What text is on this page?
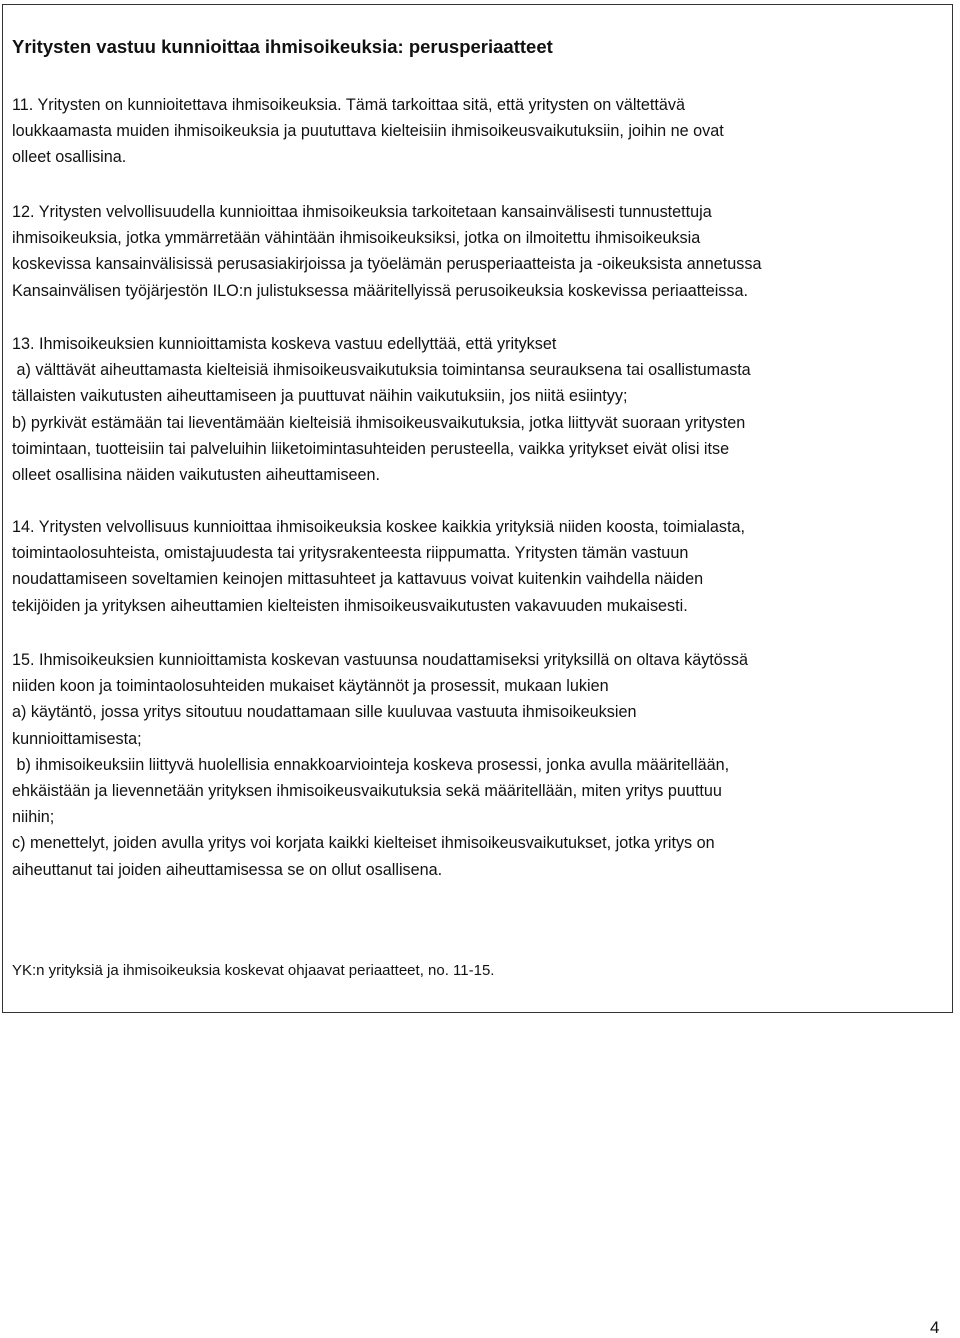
Yritysten vastuu kunnioittaa ihmisoikeuksia: perusperiaatteet

11. Yritysten on kunnioitettava ihmisoikeuksia. Tämä tarkoittaa sitä, että yritysten on vältettävä
loukkaamasta muiden ihmisoikeuksia ja puututtava kielteisiin ihmisoikeusvaikutuksiin, joihin ne ovat
olleet osallisina.

12. Yritysten velvollisuudella kunnioittaa ihmisoikeuksia tarkoitetaan kansainvälisesti tunnustettuja
ihmisoikeuksia, jotka ymmärretään vähintään ihmisoikeuksiksi, jotka on ilmoitettu ihmisoikeuksia
koskevissa kansainvälisissä perusasiakirjoissa ja työelämän perusperiaatteista ja -oikeuksista annetussa
Kansainvälisen työjärjestön ILO:n julistuksessa määritellyissä perusoikeuksia koskevissa periaatteissa.

13. Ihmisoikeuksien kunnioittamista koskeva vastuu edellyttää, että yritykset
a) välttävät aiheuttamasta kielteisiä ihmisoikeusvaikutuksia toimintansa seurauksena tai osallistumasta
tällaisten vaikutusten aiheuttamiseen ja puuttuvat näihin vaikutuksiin, jos niitä esiintyy;
b) pyrkivät estämään tai lieventämään kielteisiä ihmisoikeusvaikutuksia, jotka liittyvät suoraan yritysten
toimintaan, tuotteisiin tai palveluihin liiketoimintasuhteiden perusteella, vaikka yritykset eivät olisi itse
olleet osallisina näiden vaikutusten aiheuttamiseen.

14. Yritysten velvollisuus kunnioittaa ihmisoikeuksia koskee kaikkia yrityksiä niiden koosta, toimialasta,
toimintaolosuhteista, omistajuudesta tai yritysrakenteesta riippumatta. Yritysten tämän vastuun
noudattamiseen soveltamien keinojen mittasuhteet ja kattavuus voivat kuitenkin vaihdella näiden
tekijöiden ja yrityksen aiheuttamien kielteisten ihmisoikeusvaikutusten vakavuuden mukaisesti.

15. Ihmisoikeuksien kunnioittamista koskevan vastuunsa noudattamiseksi yrityksillä on oltava käytössä
niiden koon ja toimintaolosuhteiden mukaiset käytännöt ja prosessit, mukaan lukien
a) käytäntö, jossa yritys sitoutuu noudattamaan sille kuuluvaa vastuuta ihmisoikeuksien
kunnioittamisesta;
b) ihmisoikeuksiin liittyvä huolellisia ennakkoarviointeja koskeva prosessi, jonka avulla määritellään,
ehkäistään ja lievennetään yrityksen ihmisoikeusvaikutuksia sekä määritellään, miten yritys puuttuu
niihin;
c) menettelyt, joiden avulla yritys voi korjata kaikki kielteiset ihmisoikeusvaikutukset, jotka yritys on
aiheuttanut tai joiden aiheuttamisessa se on ollut osallisena.

YK:n yrityksiä ja ihmisoikeuksia koskevat ohjaavat periaatteet, no. 11-15.

4
